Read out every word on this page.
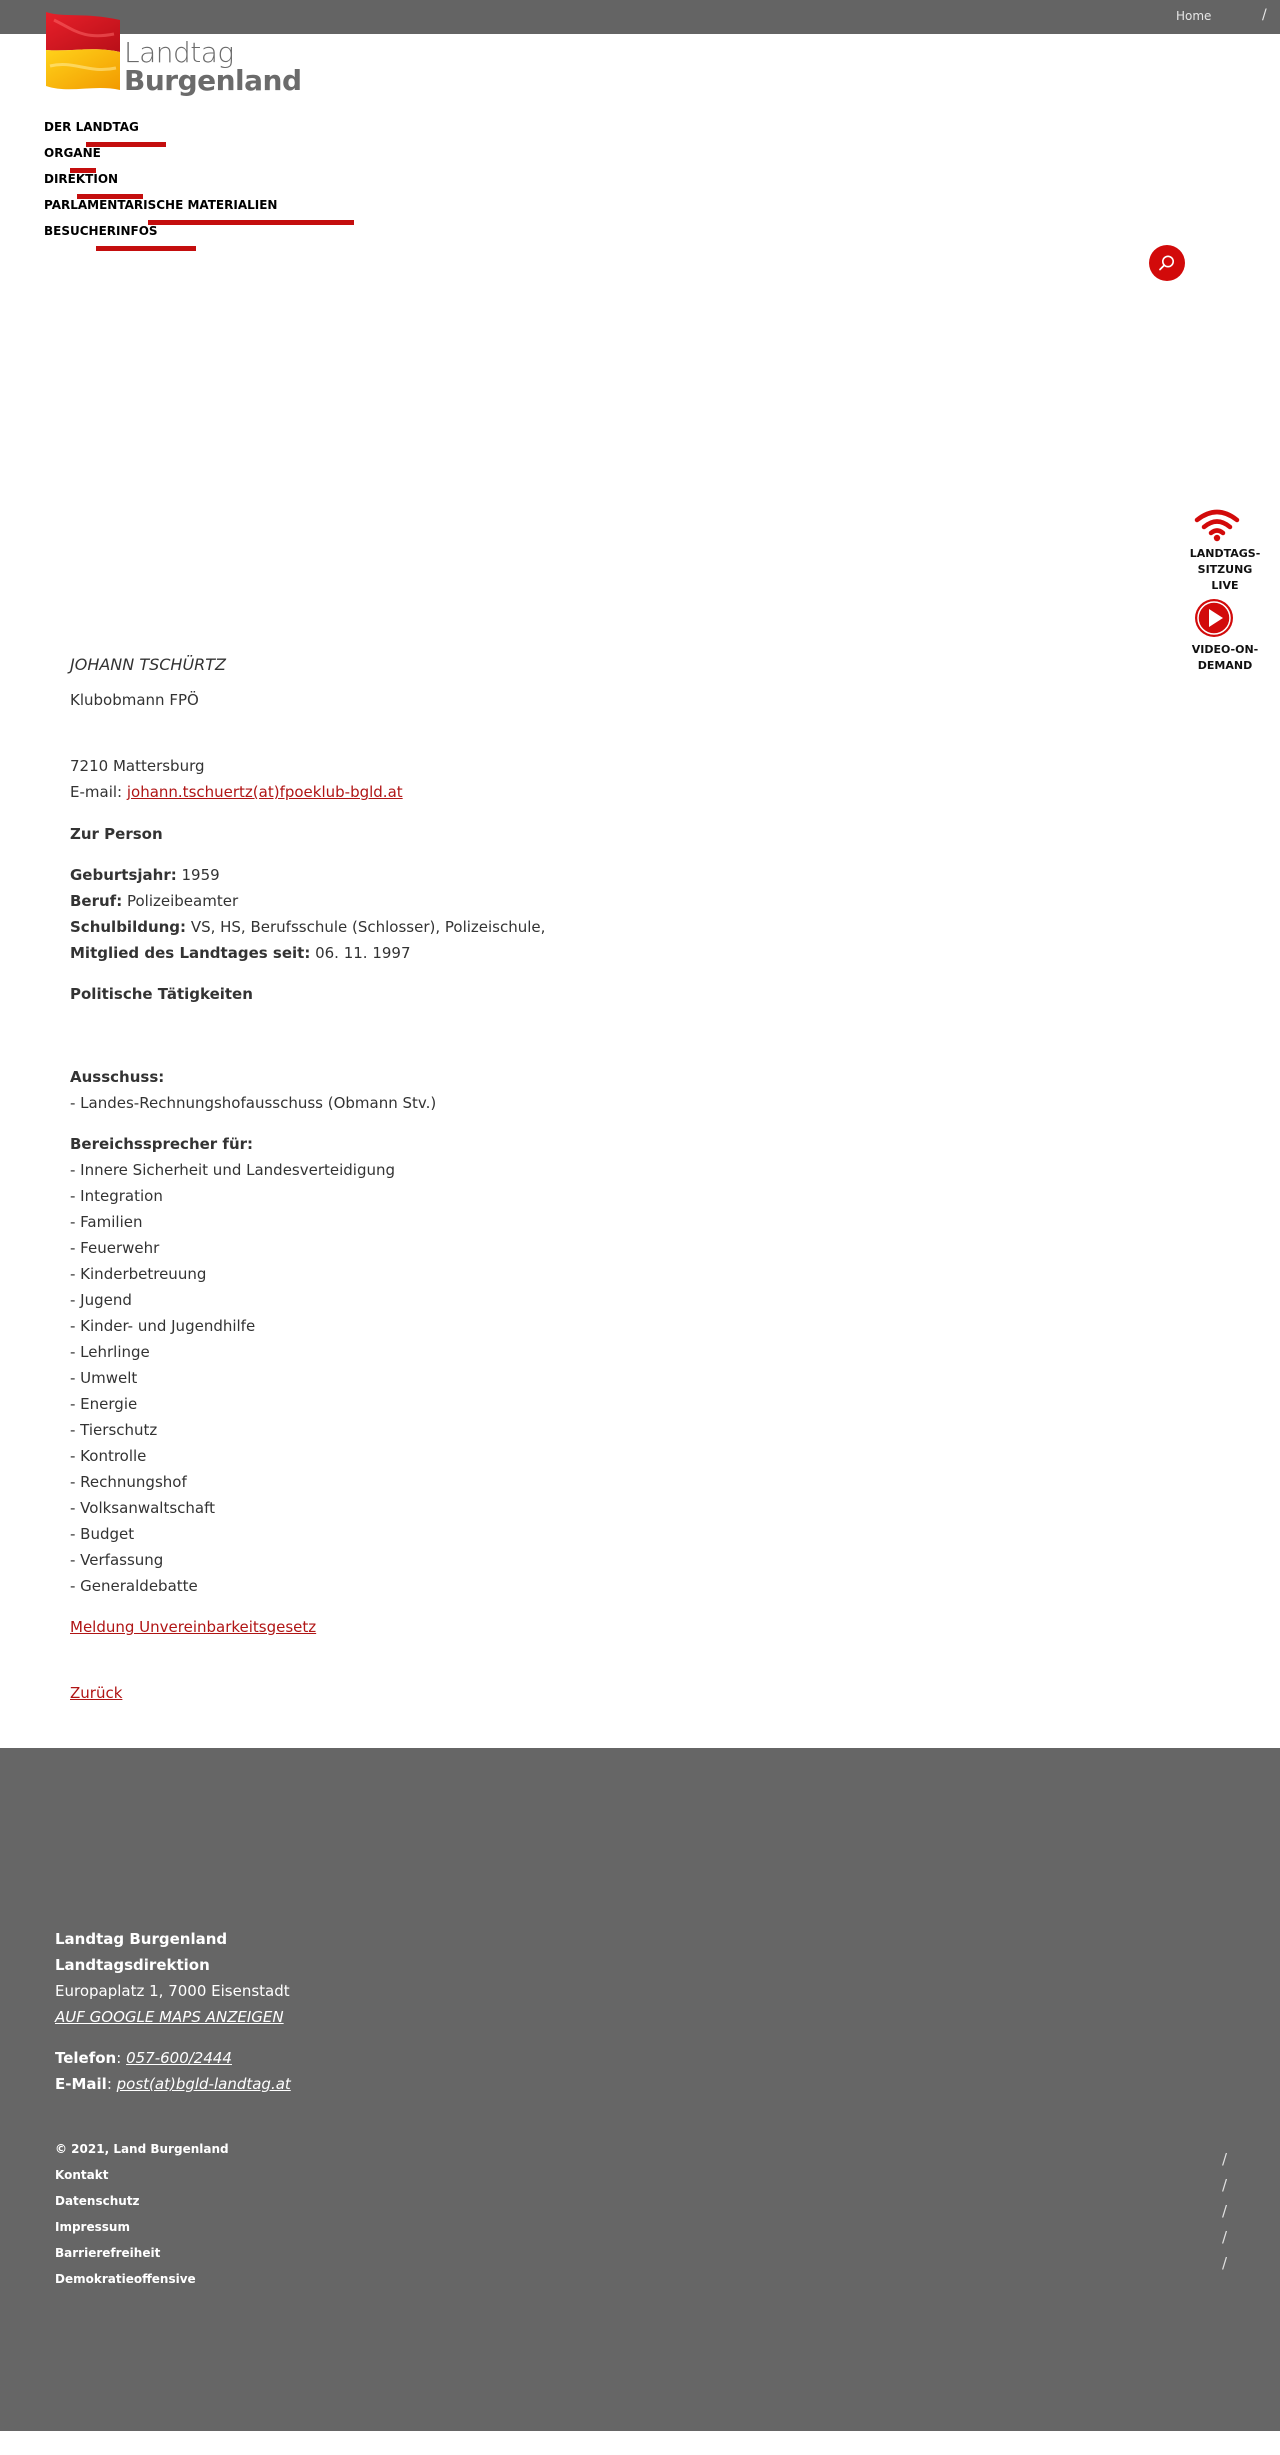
Home	/
Landtag
Burgenland
DER LANDTAG
ORGANE
DIREKTION
PARLAMENTARISCHE MATERIALIEN
BESUCHERINFOS
LANDTAGS-
SITZUNG LIVE
VIDEO-ON-
DEMAND

JOHANN TSCHÜRTZ

Klubobmann FPÖ

7210 Mattersburg

E-mail: johann.tschuertz(at)fpoeklub-bgld.at

Zur Person

Geburtsjahr: 1959

Beruf: Polizeibeamter

Schulbildung: VS, HS, Berufsschule (Schlosser), Polizeischule,

Mitglied des Landtages seit: 06. 11. 1997

Politische Tätigkeiten

Ausschuss:

- Landes-Rechnungshofausschuss (Obmann Stv.)

Bereichssprecher für:

- Innere Sicherheit und Landesverteidigung

- Integration

- Familien

- Feuerwehr

- Kinderbetreuung

- Jugend

- Kinder- und Jugendhilfe

- Lehrlinge

- Umwelt

- Energie

- Tierschutz

- Kontrolle

- Rechnungshof

- Volksanwaltschaft

- Budget

- Verfassung

- Generaldebatte

Meldung Unvereinbarkeitsgesetz

Zurück

Landtag Burgenland
Landtagsdirektion
Europaplatz 1, 7000 Eisenstadt
AUF GOOGLE MAPS ANZEIGEN
Telefon: 057-600/2444
E-Mail: post(at)bgld-landtag.at
© 2021, Land Burgenland
Kontakt
Datenschutz
Impressum
Barrierefreiheit
Demokratieoffensive
/
/
/
/
/
